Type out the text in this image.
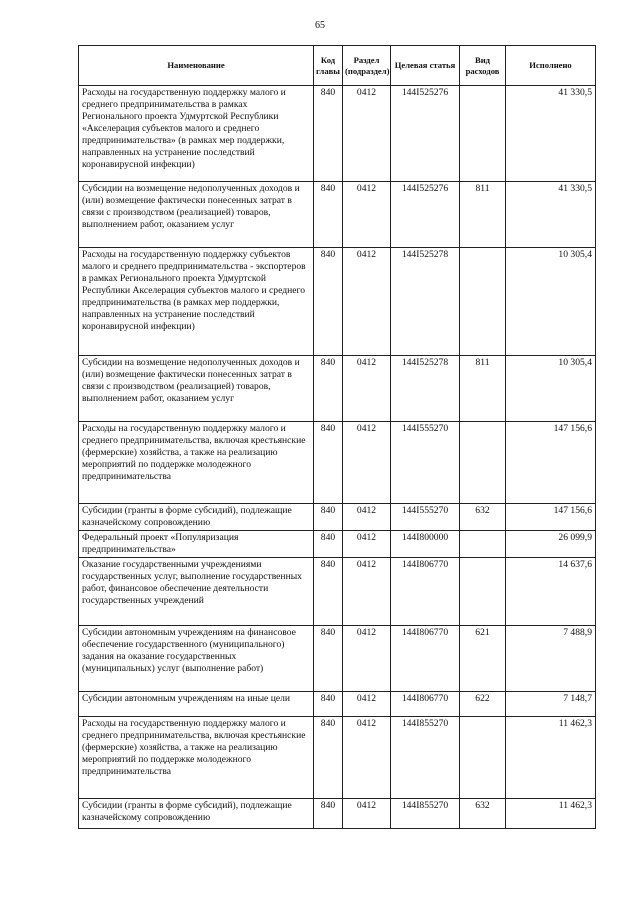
65
Наименование	Код главы	Раздел (подраздел)	Целевая статья	Вид расходов	Исполнено
Расходы на государственную поддержку малого и среднего предпринимательства в рамках Регионального проекта Удмуртской Республики «Акселерация субъектов малого и среднего предпринимательства» (в рамках мер поддержки, направленных на устранение последствий коронавирусной инфекции)	840	0412	144I525276		41 330,5
Субсидии на возмещение недополученных доходов и (или) возмещение фактически понесенных затрат в связи с производством (реализацией) товаров, выполнением работ, оказанием услуг	840	0412	144I525276	811	41 330,5
Расходы на государственную поддержку субъектов малого и среднего предпринимательства - экспортеров в рамках Регионального проекта Удмуртской Республики Акселерация субъектов малого и среднего предпринимательства (в рамках мер поддержки, направленных на устранение последствий коронавирусной инфекции)	840	0412	144I525278		10 305,4
Субсидии на возмещение недополученных доходов и (или) возмещение фактически понесенных затрат в связи с производством (реализацией) товаров, выполнением работ, оказанием услуг	840	0412	144I525278	811	10 305,4
Расходы на государственную поддержку малого и среднего предпринимательства, включая крестьянские (фермерские) хозяйства, а также на реализацию мероприятий по поддержке молодежного предпринимательства	840	0412	144I555270		147 156,6
Субсидии (гранты в форме субсидий), подлежащие казначейскому сопровождению	840	0412	144I555270	632	147 156,6
Федеральный проект «Популяризация предпринимательства»	840	0412	144I800000		26 099,9
Оказание государственными учреждениями государственных услуг, выполнение государственных работ, финансовое обеспечение деятельности государственных учреждений	840	0412	144I806770		14 637,6
Субсидии автономным учреждениям на финансовое обеспечение государственного (муниципального) задания на оказание государственных (муниципальных) услуг (выполнение работ)	840	0412	144I806770	621	7 488,9
Субсидии автономным учреждениям на иные цели	840	0412	144I806770	622	7 148,7
Расходы на государственную поддержку малого и среднего предпринимательства, включая крестьянские (фермерские) хозяйства, а также на реализацию мероприятий по поддержке молодежного предпринимательства	840	0412	144I855270		11 462,3
Субсидии (гранты в форме субсидий), подлежащие казначейскому сопровождению	840	0412	144I855270	632	11 462,3
